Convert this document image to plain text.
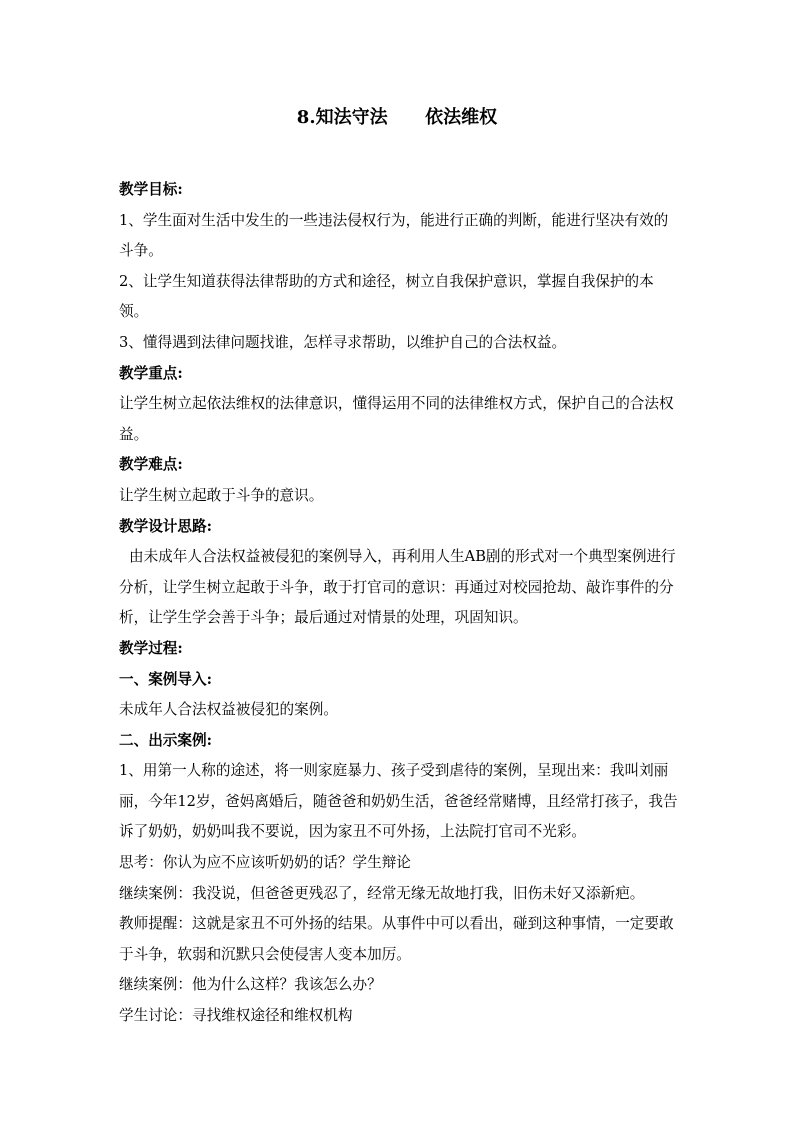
8.知法守法      依法维权

教学目标:

1、学生面对生活中发生的一些违法侵权行为，能进行正确的判断，能进行坚决有效的斗争。

2、让学生知道获得法律帮助的方式和途径，树立自我保护意识，掌握自我保护的本领。

3、懂得遇到法律问题找谁，怎样寻求帮助，以维护自己的合法权益。

教学重点:

让学生树立起依法维权的法律意识，懂得运用不同的法律维权方式，保护自己的合法权益。

教学难点:

让学生树立起敢于斗争的意识。

教学设计思路:

由未成年人合法权益被侵犯的案例导入，再利用人生AB剧的形式对一个典型案例进行分析，让学生树立起敢于斗争，敢于打官司的意识：再通过对校园抢劫、敲诈事件的分析，让学生学会善于斗争；最后通过对情景的处理，巩固知识。

教学过程:

一、案例导入:

未成年人合法权益被侵犯的案例。

二、出示案例:

1、用第一人称的途述，将一则家庭暴力、孩子受到虐待的案例，呈现出来：我叫刘丽丽，今年12岁，爸妈离婚后，随爸爸和奶奶生活，爸爸经常赌博，且经常打孩子，我告诉了奶奶，奶奶叫我不要说，因为家丑不可外扬，上法院打官司不光彩。

思考：你认为应不应该听奶奶的话？学生辩论

继续案例：我没说，但爸爸更残忍了，经常无缘无故地打我，旧伤未好又添新疤。

教师提醒：这就是家丑不可外扬的结果。从事件中可以看出，碰到这种事情，一定要敢于斗争，软弱和沉默只会使侵害人变本加厉。

继续案例：他为什么这样？我该怎么办？

学生讨论：寻找维权途径和维权机构
